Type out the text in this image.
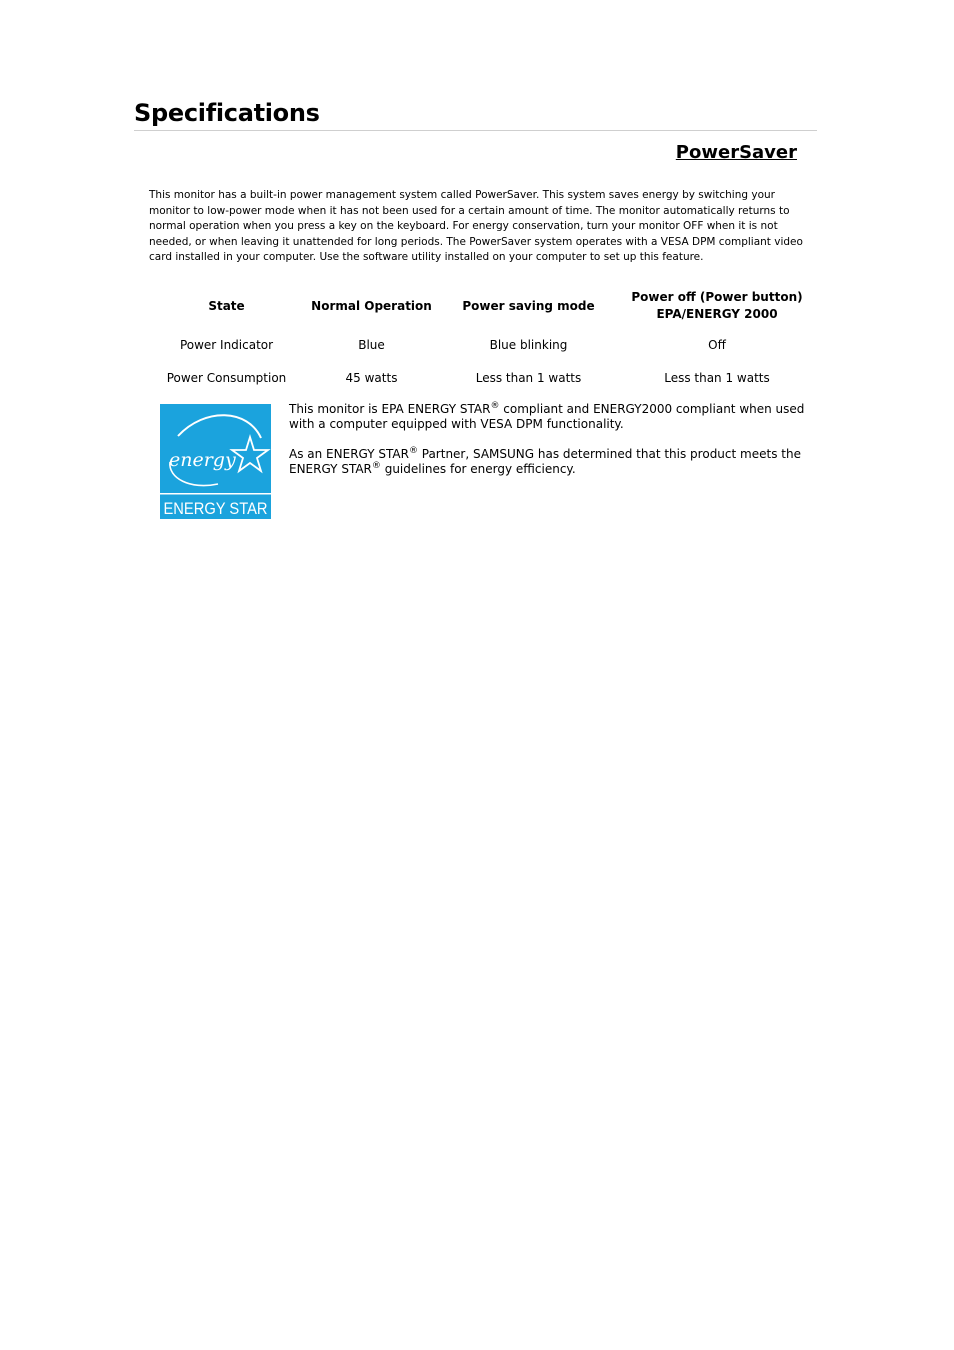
Specifications
PowerSaver

This monitor has a built-in power management system called PowerSaver. This system saves energy by switching your monitor to low-power mode when it has not been used for a certain amount of time. The monitor automatically returns to normal operation when you press a key on the keyboard. For energy conservation, turn your monitor OFF when it is not needed, or when leaving it unattended for long periods. The PowerSaver system operates with a VESA DPM compliant video card installed in your computer. Use the software utility installed on your computer to set up this feature.

State	Normal Operation	Power saving mode	Power off (Power button)
EPA/ENERGY 2000
Power Indicator	Blue	Blue blinking	Off
Power Consumption	45 watts	Less than 1 watts	Less than 1 watts
energy
ENERGY STAR

This monitor is EPA ENERGY STAR® compliant and ENERGY2000 compliant when used with a computer equipped with VESA DPM functionality.

As an ENERGY STAR® Partner, SAMSUNG has determined that this product meets the ENERGY STAR® guidelines for energy efficiency.
